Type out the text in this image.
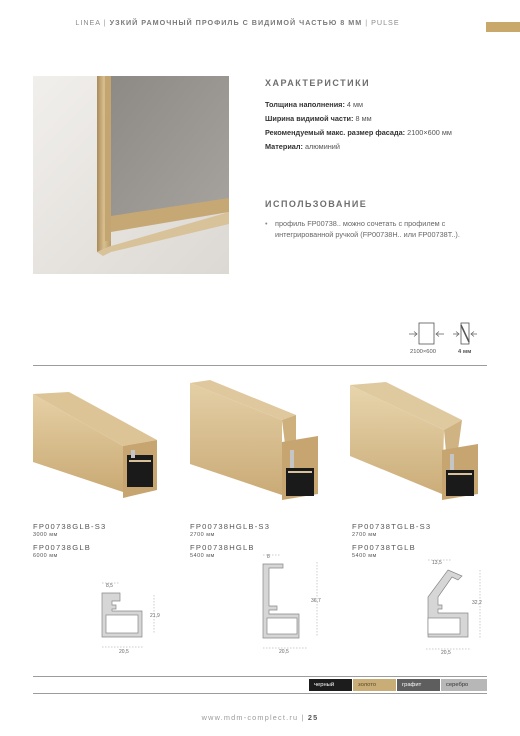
LINEA | УЗКИЙ РАМОЧНЫЙ ПРОФИЛЬ С ВИДИМОЙ ЧАСТЬЮ 8 ММ | PULSE
ХАРАКТЕРИСТИКИ
Толщина наполнения: 4 мм
Ширина видимой части: 8 мм
Рекомендуемый макс. размер фасада: 2100×600 мм
Материал: алюминий
ИСПОЛЬЗОВАНИЕ
• профиль FP00738.. можно сочетать с профилем с интегрированной ручкой (FP00738H.. или FP00738T..).
2100×600	4 мм
FP00738GLB-S3
3000 мм
FP00738GLB
6000 мм
FP00738HGLB-S3
2700 мм
FP00738HGLB
5400 мм
FP00738TGLB-S3
2700 мм
FP00738TGLB
5400 мм
8,5
21,9
20,5
8
36,7
20,5
13,5
32,2
20,5
черный	золото	графит	серебро
www.mdm-complect.ru | 25
